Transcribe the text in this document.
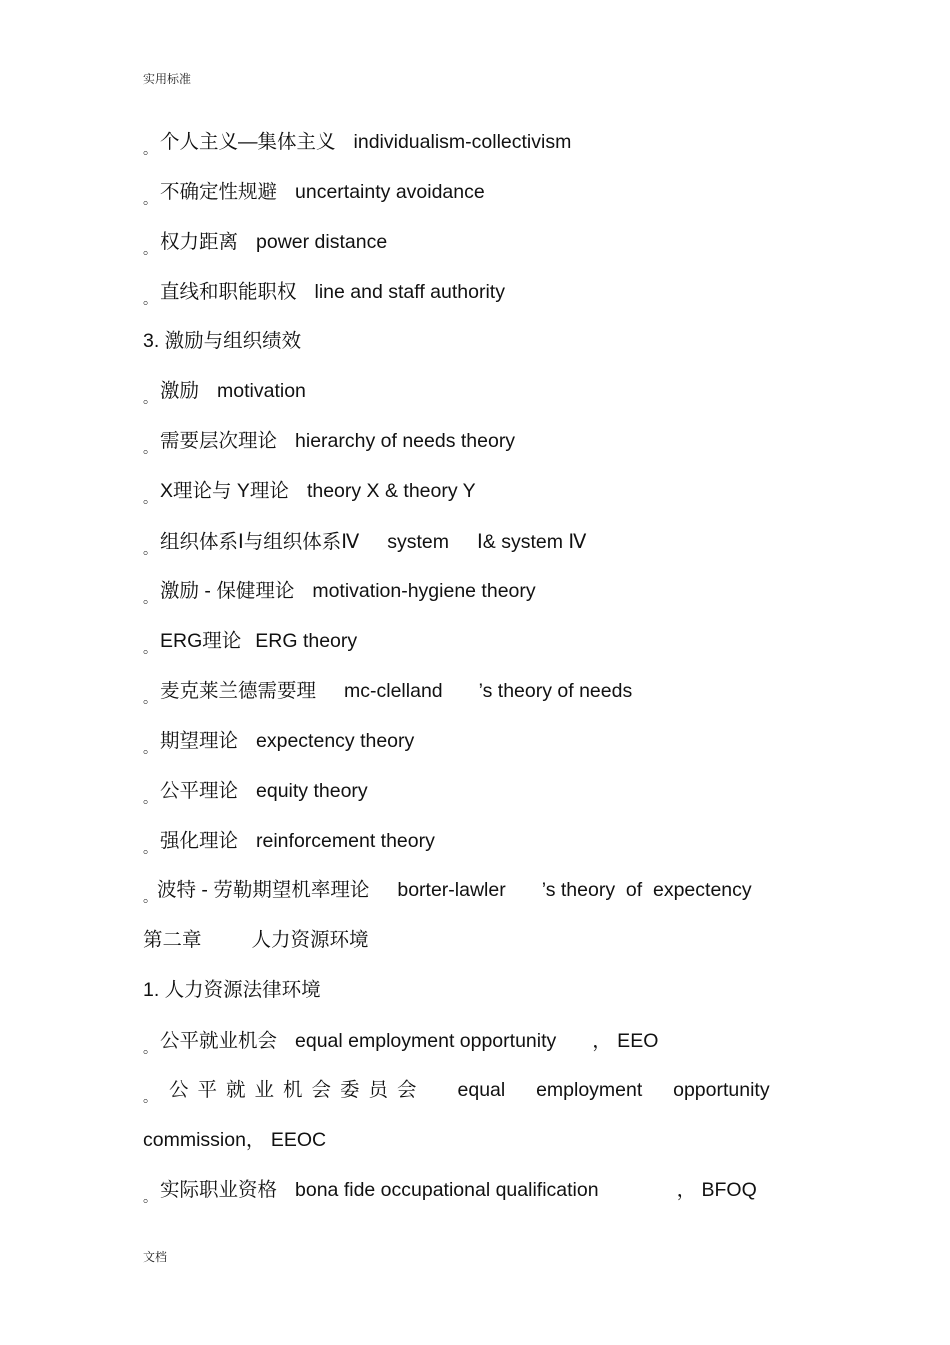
实用标准
。 个人主义—集体主义 individualism-collectivism
。 不确定性规避 uncertainty avoidance
。 权力距离 power distance
。 直线和职能职权 line and staff authority
3. 激励与组织绩效
。 激励 motivation
。 需要层次理论 hierarchy of needs theory
。 X理论与 Y理论 theory X & theory Y
。 组织体系Ⅰ与组织体系Ⅳ system Ⅰ& system Ⅳ
。 激励 - 保健理论 motivation-hygiene theory
。 ERG理论 ERG theory
。 麦克莱兰德需要理 mc-clelland ’s theory of needs
。 期望理论 expectency theory
。 公平理论 equity theory
。 强化理论 reinforcement theory
。波特 - 劳勒期望机率理论 borter-lawler ’s theory  of  expectency
第二章	人力资源环境
1. 人力资源法律环境
。 公平就业机会 equal employment opportunity ， EEO
。 公平就业机会委员会 equal  employment  opportunity
commission， EEOC
。 实际职业资格 bona fide occupational qualification	， BFOQ
文档
